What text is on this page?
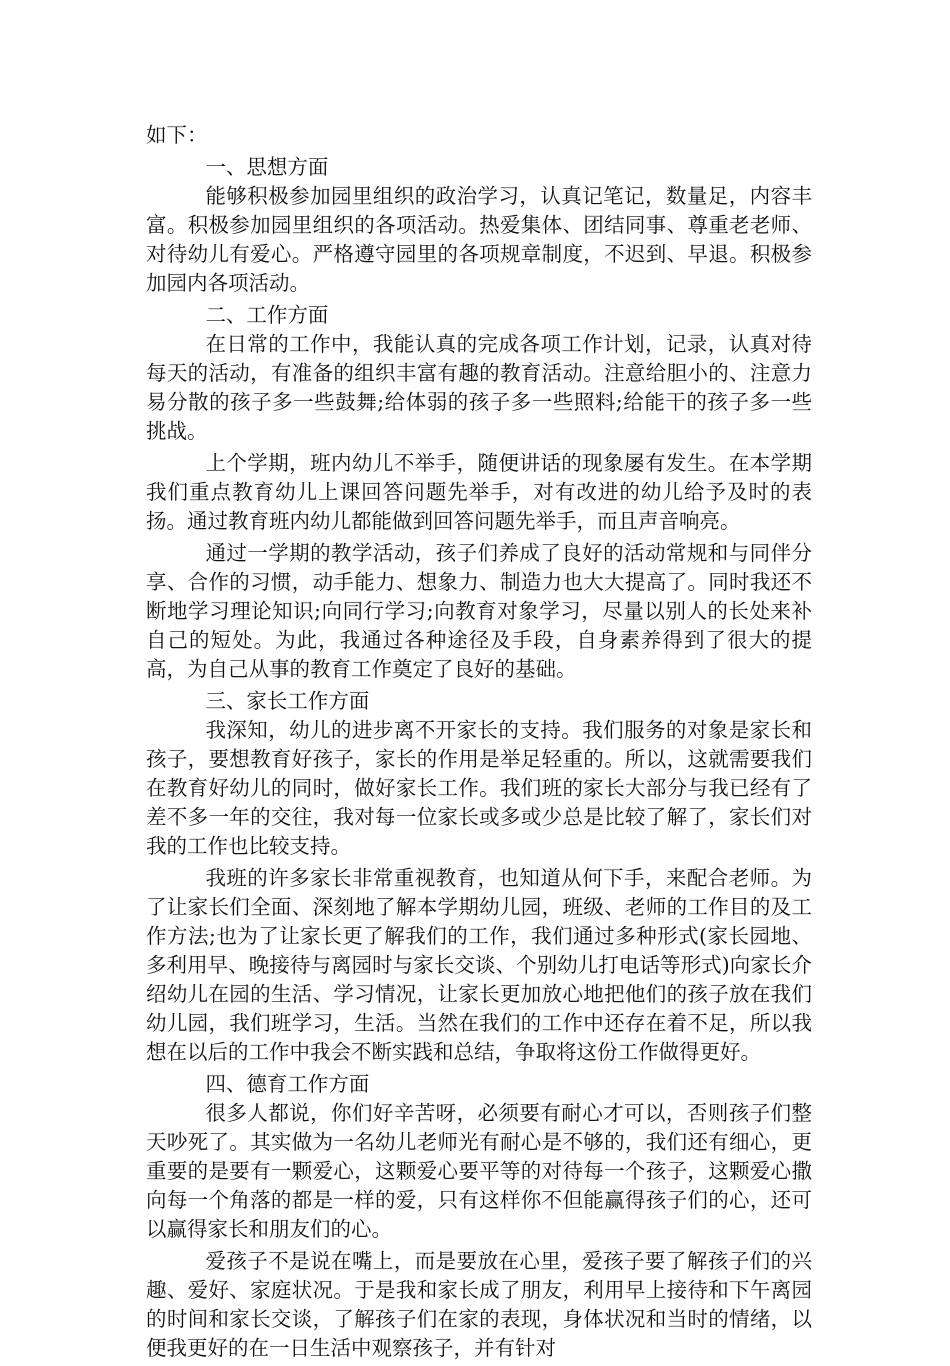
如下：

一、思想方面

能够积极参加园里组织的政治学习，认真记笔记，数量足，内容丰富。积极参加园里组织的各项活动。热爱集体、团结同事、尊重老老师、对待幼儿有爱心。严格遵守园里的各项规章制度，不迟到、早退。积极参加园内各项活动。

二、工作方面

在日常的工作中，我能认真的完成各项工作计划，记录，认真对待每天的活动，有准备的组织丰富有趣的教育活动。注意给胆小的、注意力易分散的孩子多一些鼓舞;给体弱的孩子多一些照料;给能干的孩子多一些挑战。

上个学期，班内幼儿不举手，随便讲话的现象屡有发生。在本学期我们重点教育幼儿上课回答问题先举手，对有改进的幼儿给予及时的表扬。通过教育班内幼儿都能做到回答问题先举手，而且声音响亮。

通过一学期的教学活动，孩子们养成了良好的活动常规和与同伴分享、合作的习惯，动手能力、想象力、制造力也大大提高了。同时我还不断地学习理论知识;向同行学习;向教育对象学习，尽量以别人的长处来补自己的短处。为此，我通过各种途径及手段，自身素养得到了很大的提高，为自己从事的教育工作奠定了良好的基础。

三、家长工作方面

我深知，幼儿的进步离不开家长的支持。我们服务的对象是家长和孩子，要想教育好孩子，家长的作用是举足轻重的。所以，这就需要我们在教育好幼儿的同时，做好家长工作。我们班的家长大部分与我已经有了差不多一年的交往，我对每一位家长或多或少总是比较了解了，家长们对我的工作也比较支持。

我班的许多家长非常重视教育，也知道从何下手，来配合老师。为了让家长们全面、深刻地了解本学期幼儿园，班级、老师的工作目的及工作方法;也为了让家长更了解我们的工作，我们通过多种形式(家长园地、多利用早、晚接待与离园时与家长交谈、个别幼儿打电话等形式)向家长介绍幼儿在园的生活、学习情况，让家长更加放心地把他们的孩子放在我们幼儿园，我们班学习，生活。当然在我们的工作中还存在着不足，所以我想在以后的工作中我会不断实践和总结，争取将这份工作做得更好。

四、德育工作方面

很多人都说，你们好辛苦呀，必须要有耐心才可以，否则孩子们整天吵死了。其实做为一名幼儿老师光有耐心是不够的，我们还有细心，更重要的是要有一颗爱心，这颗爱心要平等的对待每一个孩子，这颗爱心撒向每一个角落的都是一样的爱，只有这样你不但能赢得孩子们的心，还可以赢得家长和朋友们的心。

爱孩子不是说在嘴上，而是要放在心里，爱孩子要了解孩子们的兴趣、爱好、家庭状况。于是我和家长成了朋友，利用早上接待和下午离园的时间和家长交谈，了解孩子们在家的表现，身体状况和当时的情绪，以便我更好的在一日生活中观察孩子，并有针对
